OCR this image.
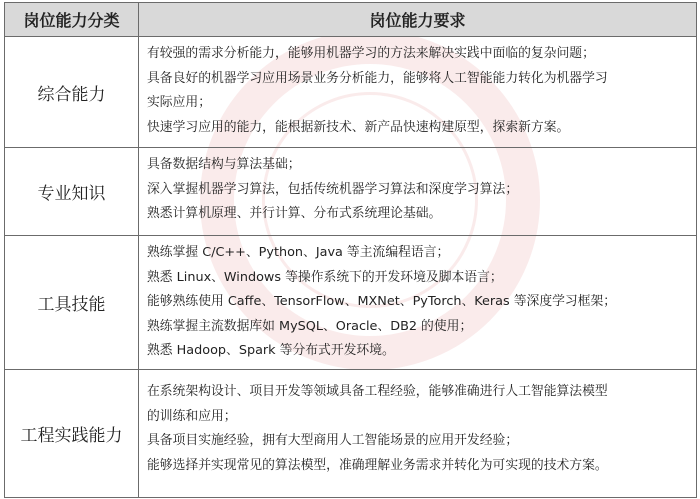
岗位能力分类	岗位能力要求
综合能力	有较强的需求分析能力，能够用机器学习的方法来解决实践中面临的复杂问题；
具备良好的机器学习应用场景业务分析能力，能够将人工智能能力转化为机器学习
实际应用；
快速学习应用的能力，能根据新技术、新产品快速构建原型，探索新方案。

专业知识	具备数据结构与算法基础；
深入掌握机器学习算法，包括传统机器学习算法和深度学习算法；
熟悉计算机原理、并行计算、分布式系统理论基础。

工具技能	熟练掌握 C/C++、Python、Java 等主流编程语言；
熟悉 Linux、Windows 等操作系统下的开发环境及脚本语言；
能够熟练使用 Caffe、TensorFlow、MXNet、PyTorch、Keras 等深度学习框架；
熟练掌握主流数据库如 MySQL、Oracle、DB2 的使用；
熟悉 Hadoop、Spark 等分布式开发环境。

工程实践能力	在系统架构设计、项目开发等领域具备工程经验，能够准确进行人工智能算法模型
的训练和应用；
具备项目实施经验，拥有大型商用人工智能场景的应用开发经验；
能够选择并实现常见的算法模型，准确理解业务需求并转化为可实现的技术方案。
